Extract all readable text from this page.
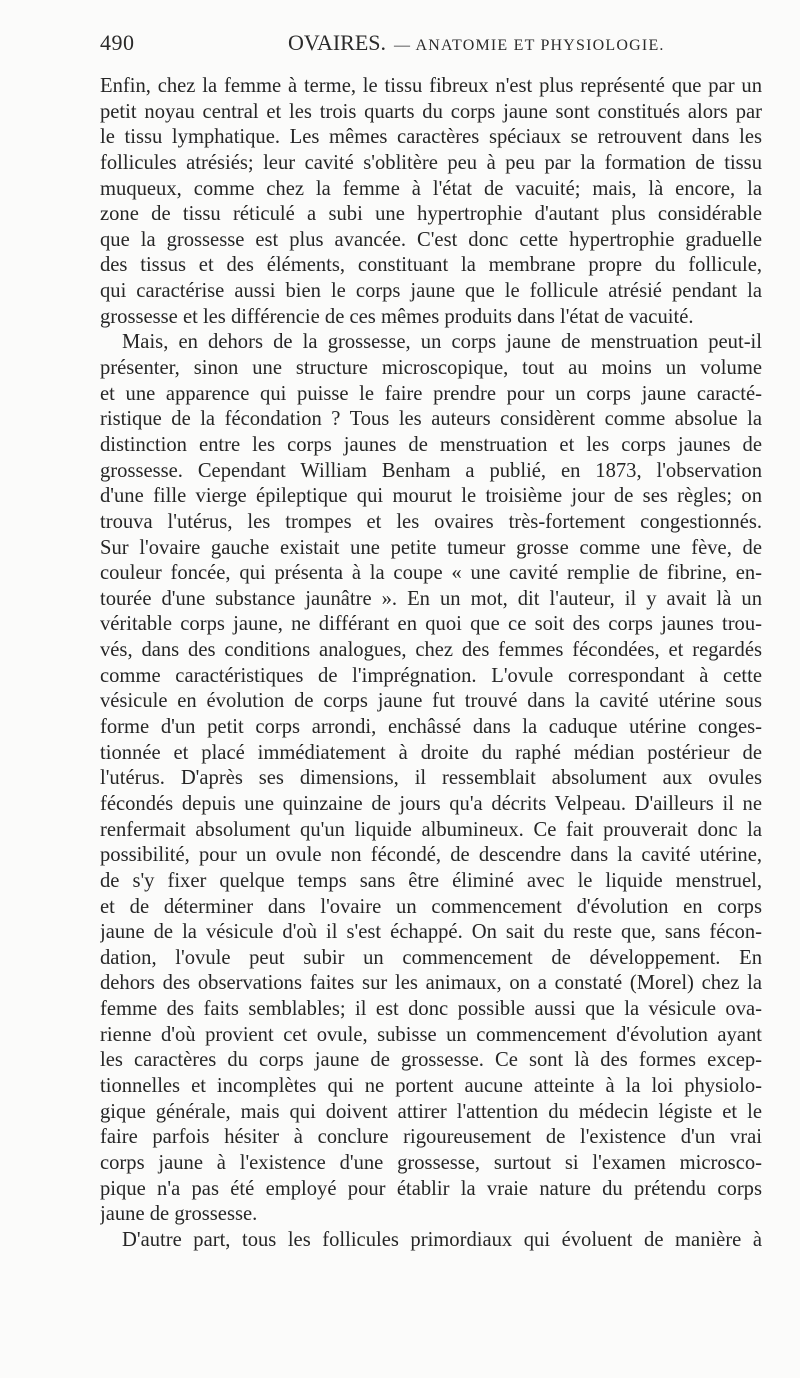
490	OVAIRES. — ANATOMIE ET PHYSIOLOGIE.
Enfin, chez la femme à terme, le tissu fibreux n'est plus représenté que par un
petit noyau central et les trois quarts du corps jaune sont constitués alors par
le tissu lymphatique. Les mêmes caractères spéciaux se retrouvent dans les
follicules atrésiés; leur cavité s'oblitère peu à peu par la formation de tissu
muqueux, comme chez la femme à l'état de vacuité; mais, là encore, la
zone de tissu réticulé a subi une hypertrophie d'autant plus considérable
que la grossesse est plus avancée. C'est donc cette hypertrophie graduelle
des tissus et des éléments, constituant la membrane propre du follicule,
qui caractérise aussi bien le corps jaune que le follicule atrésié pendant la
grossesse et les différencie de ces mêmes produits dans l'état de vacuité.
Mais, en dehors de la grossesse, un corps jaune de menstruation peut-il
présenter, sinon une structure microscopique, tout au moins un volume
et une apparence qui puisse le faire prendre pour un corps jaune caracté-
ristique de la fécondation ? Tous les auteurs considèrent comme absolue la
distinction entre les corps jaunes de menstruation et les corps jaunes de
grossesse. Cependant William Benham a publié, en 1873, l'observation
d'une fille vierge épileptique qui mourut le troisième jour de ses règles; on
trouva l'utérus, les trompes et les ovaires très-fortement congestionnés.
Sur l'ovaire gauche existait une petite tumeur grosse comme une fève, de
couleur foncée, qui présenta à la coupe « une cavité remplie de fibrine, en-
tourée d'une substance jaunâtre ». En un mot, dit l'auteur, il y avait là un
véritable corps jaune, ne différant en quoi que ce soit des corps jaunes trou-
vés, dans des conditions analogues, chez des femmes fécondées, et regardés
comme caractéristiques de l'imprégnation. L'ovule correspondant à cette
vésicule en évolution de corps jaune fut trouvé dans la cavité utérine sous
forme d'un petit corps arrondi, enchâssé dans la caduque utérine conges-
tionnée et placé immédiatement à droite du raphé médian postérieur de
l'utérus. D'après ses dimensions, il ressemblait absolument aux ovules
fécondés depuis une quinzaine de jours qu'a décrits Velpeau. D'ailleurs il ne
renfermait absolument qu'un liquide albumineux. Ce fait prouverait donc la
possibilité, pour un ovule non fécondé, de descendre dans la cavité utérine,
de s'y fixer quelque temps sans être éliminé avec le liquide menstruel,
et de déterminer dans l'ovaire un commencement d'évolution en corps
jaune de la vésicule d'où il s'est échappé. On sait du reste que, sans fécon-
dation, l'ovule peut subir un commencement de développement. En
dehors des observations faites sur les animaux, on a constaté (Morel) chez la
femme des faits semblables; il est donc possible aussi que la vésicule ova-
rienne d'où provient cet ovule, subisse un commencement d'évolution ayant
les caractères du corps jaune de grossesse. Ce sont là des formes excep-
tionnelles et incomplètes qui ne portent aucune atteinte à la loi physiolo-
gique générale, mais qui doivent attirer l'attention du médecin légiste et le
faire parfois hésiter à conclure rigoureusement de l'existence d'un vrai
corps jaune à l'existence d'une grossesse, surtout si l'examen microsco-
pique n'a pas été employé pour établir la vraie nature du prétendu corps
jaune de grossesse.
D'autre part, tous les follicules primordiaux qui évoluent de manière à
